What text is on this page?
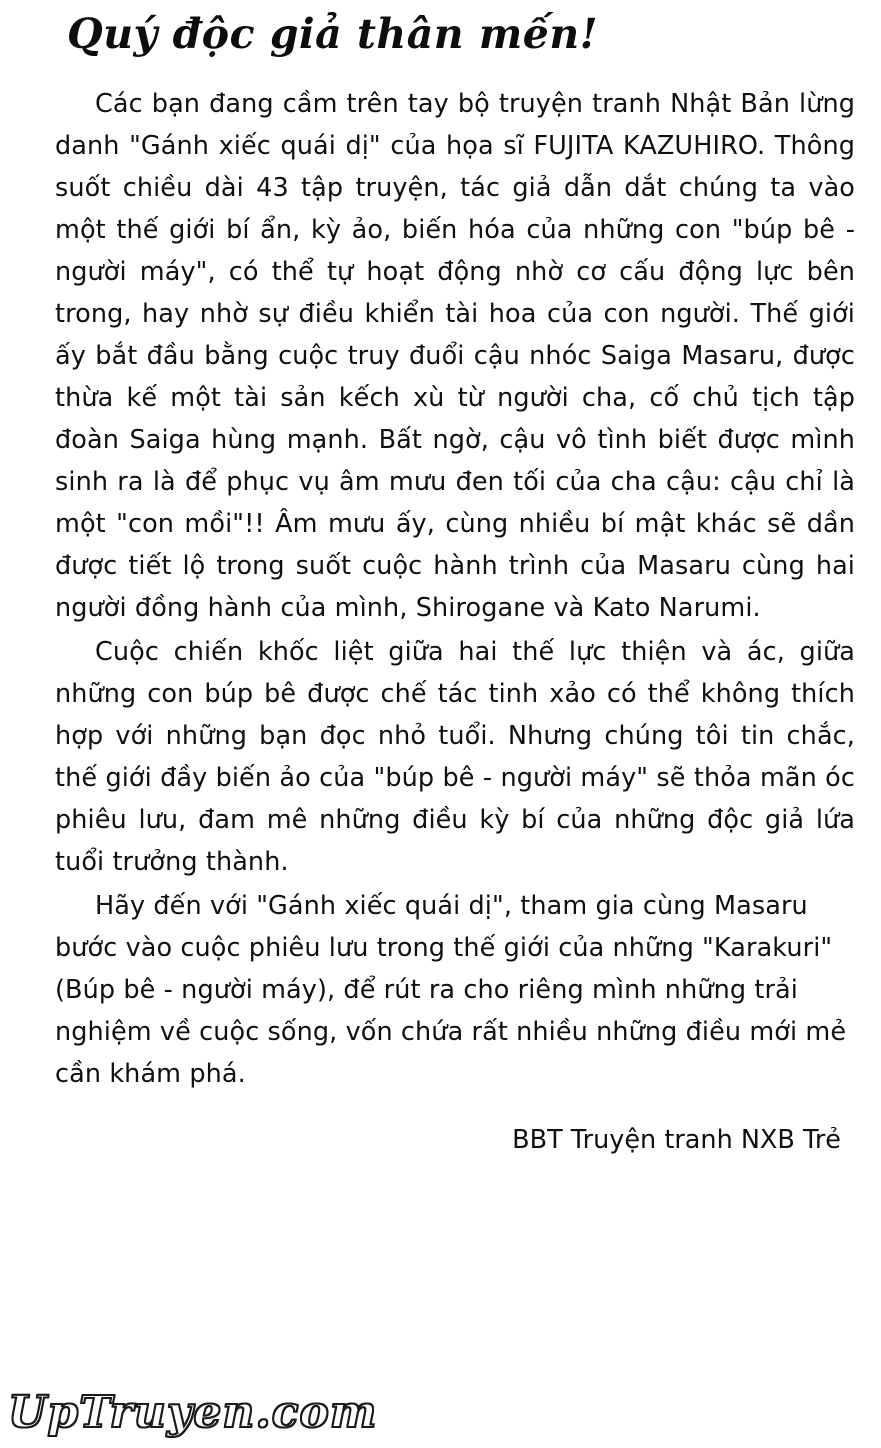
Quý độc giả thân mến!

Các bạn đang cầm trên tay bộ truyện tranh Nhật Bản lừng danh "Gánh xiếc quái dị" của họa sĩ FUJITA KAZUHIRO. Thông suốt chiều dài 43 tập truyện, tác giả dẫn dắt chúng ta vào một thế giới bí ẩn, kỳ ảo, biến hóa của những con "búp bê - người máy", có thể tự hoạt động nhờ cơ cấu động lực bên trong, hay nhờ sự điều khiển tài hoa của con người. Thế giới ấy bắt đầu bằng cuộc truy đuổi cậu nhóc Saiga Masaru, được thừa kế một tài sản kếch xù từ người cha, cố chủ tịch tập đoàn Saiga hùng mạnh. Bất ngờ, cậu vô tình biết được mình sinh ra là để phục vụ âm mưu đen tối của cha cậu: cậu chỉ là một "con mồi"!! Âm mưu ấy, cùng nhiều bí mật khác sẽ dần được tiết lộ trong suốt cuộc hành trình của Masaru cùng hai người đồng hành của mình, Shirogane và Kato Narumi.

Cuộc chiến khốc liệt giữa hai thế lực thiện và ác, giữa những con búp bê được chế tác tinh xảo có thể không thích hợp với những bạn đọc nhỏ tuổi. Nhưng chúng tôi tin chắc, thế giới đầy biến ảo của "búp bê - người máy" sẽ thỏa mãn óc phiêu lưu, đam mê những điều kỳ bí của những độc giả lứa tuổi trưởng thành.

Hãy đến với "Gánh xiếc quái dị", tham gia cùng Masaru bước vào cuộc phiêu lưu trong thế giới của những "Karakuri" (Búp bê - người máy), để rút ra cho riêng mình những trải nghiệm về cuộc sống, vốn chứa rất nhiều những điều mới mẻ cần khám phá.

BBT Truyện tranh NXB Trẻ
UpTruyen.com
